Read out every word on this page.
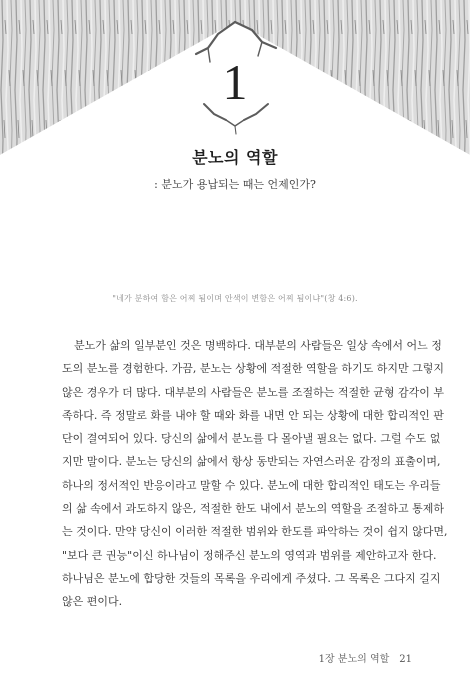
1
분노의 역할
: 분노가 용납되는 때는 언제인가?
"네가 분하여 함은 어찌 됨이며 안색이 변함은 어찌 됨이냐"(창 4:6).

분노가 삶의 일부분인 것은 명백하다. 대부분의 사람들은 일상 속에서 어느 정
도의 분노를 경험한다. 가끔, 분노는 상황에 적절한 역할을 하기도 하지만 그렇지
않은 경우가 더 많다. 대부분의 사람들은 분노를 조절하는 적절한 균형 감각이 부
족하다. 즉 정말로 화를 내야 할 때와 화를 내면 안 되는 상황에 대한 합리적인 판
단이 결여되어 있다. 당신의 삶에서 분노를 다 몰아낼 필요는 없다. 그럴 수도 없
지만 말이다. 분노는 당신의 삶에서 항상 동반되는 자연스러운 감정의 표출이며,
하나의 정서적인 반응이라고 말할 수 있다. 분노에 대한 합리적인 태도는 우리들
의 삶 속에서 과도하지 않은, 적절한 한도 내에서 분노의 역할을 조절하고 통제하
는 것이다. 만약 당신이 이러한 적절한 범위와 한도를 파악하는 것이 쉽지 않다면,
"보다 큰 권능"이신 하나님이 정해주신 분노의 영역과 범위를 제안하고자 한다.
하나님은 분노에 합당한 것들의 목록을 우리에게 주셨다. 그 목록은 그다지 길지
않은 편이다.

1장 분노의 역할 21
